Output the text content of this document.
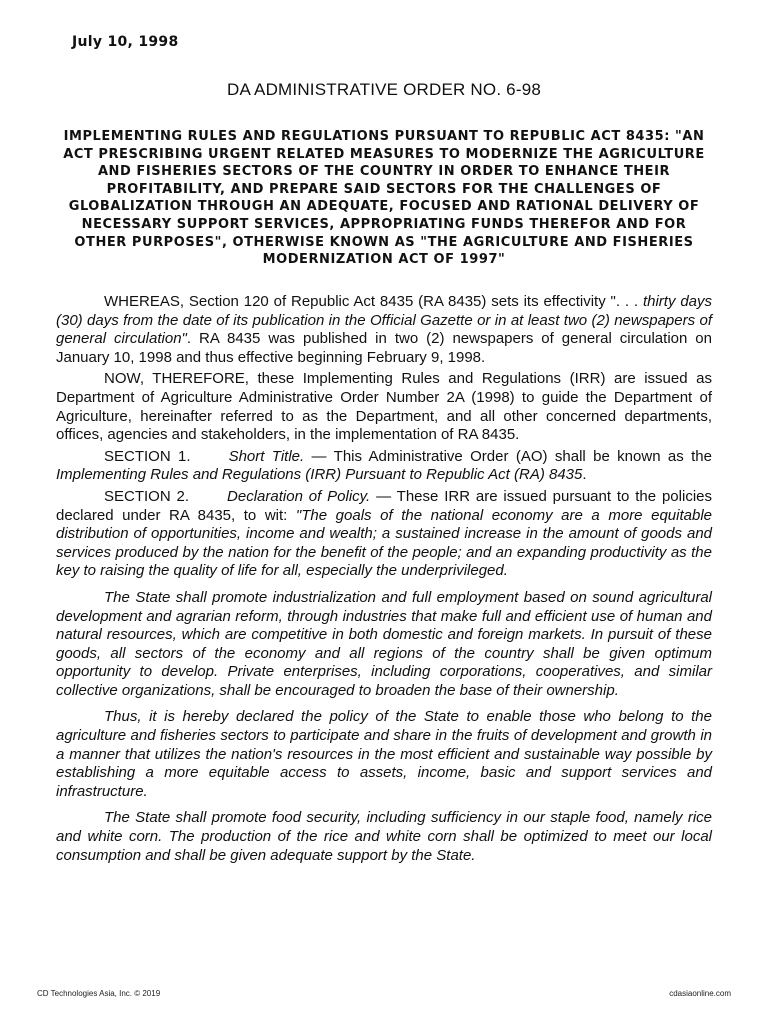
July 10, 1998
DA ADMINISTRATIVE ORDER NO. 6-98

IMPLEMENTING RULES AND REGULATIONS PURSUANT TO REPUBLIC ACT 8435: "AN ACT PRESCRIBING URGENT RELATED MEASURES TO MODERNIZE THE AGRICULTURE AND FISHERIES SECTORS OF THE COUNTRY IN ORDER TO ENHANCE THEIR PROFITABILITY, AND PREPARE SAID SECTORS FOR THE CHALLENGES OF GLOBALIZATION THROUGH AN ADEQUATE, FOCUSED AND RATIONAL DELIVERY OF NECESSARY SUPPORT SERVICES, APPROPRIATING FUNDS THEREFOR AND FOR OTHER PURPOSES", OTHERWISE KNOWN AS "THE AGRICULTURE AND FISHERIES MODERNIZATION ACT OF 1997"

WHEREAS, Section 120 of Republic Act 8435 (RA 8435) sets its effectivity ". . . thirty days (30) days from the date of its publication in the Official Gazette or in at least two (2) newspapers of general circulation". RA 8435 was published in two (2) newspapers of general circulation on January 10, 1998 and thus effective beginning February 9, 1998.

NOW, THEREFORE, these Implementing Rules and Regulations (IRR) are issued as Department of Agriculture Administrative Order Number 2A (1998) to guide the Department of Agriculture, hereinafter referred to as the Department, and all other concerned departments, offices, agencies and stakeholders, in the implementation of RA 8435.

SECTION 1.	Short Title. — This Administrative Order (AO) shall be known as the Implementing Rules and Regulations (IRR) Pursuant to Republic Act (RA) 8435.

SECTION 2.	Declaration of Policy. — These IRR are issued pursuant to the policies declared under RA 8435, to wit: "The goals of the national economy are a more equitable distribution of opportunities, income and wealth; a sustained increase in the amount of goods and services produced by the nation for the benefit of the people; and an expanding productivity as the key to raising the quality of life for all, especially the underprivileged.

The State shall promote industrialization and full employment based on sound agricultural development and agrarian reform, through industries that make full and efficient use of human and natural resources, which are competitive in both domestic and foreign markets. In pursuit of these goods, all sectors of the economy and all regions of the country shall be given optimum opportunity to develop. Private enterprises, including corporations, cooperatives, and similar collective organizations, shall be encouraged to broaden the base of their ownership.

Thus, it is hereby declared the policy of the State to enable those who belong to the agriculture and fisheries sectors to participate and share in the fruits of development and growth in a manner that utilizes the nation's resources in the most efficient and sustainable way possible by establishing a more equitable access to assets, income, basic and support services and infrastructure.

The State shall promote food security, including sufficiency in our staple food, namely rice and white corn. The production of the rice and white corn shall be optimized to meet our local consumption and shall be given adequate support by the State.

CD Technologies Asia, Inc. © 2019	cdasiaonline.com
